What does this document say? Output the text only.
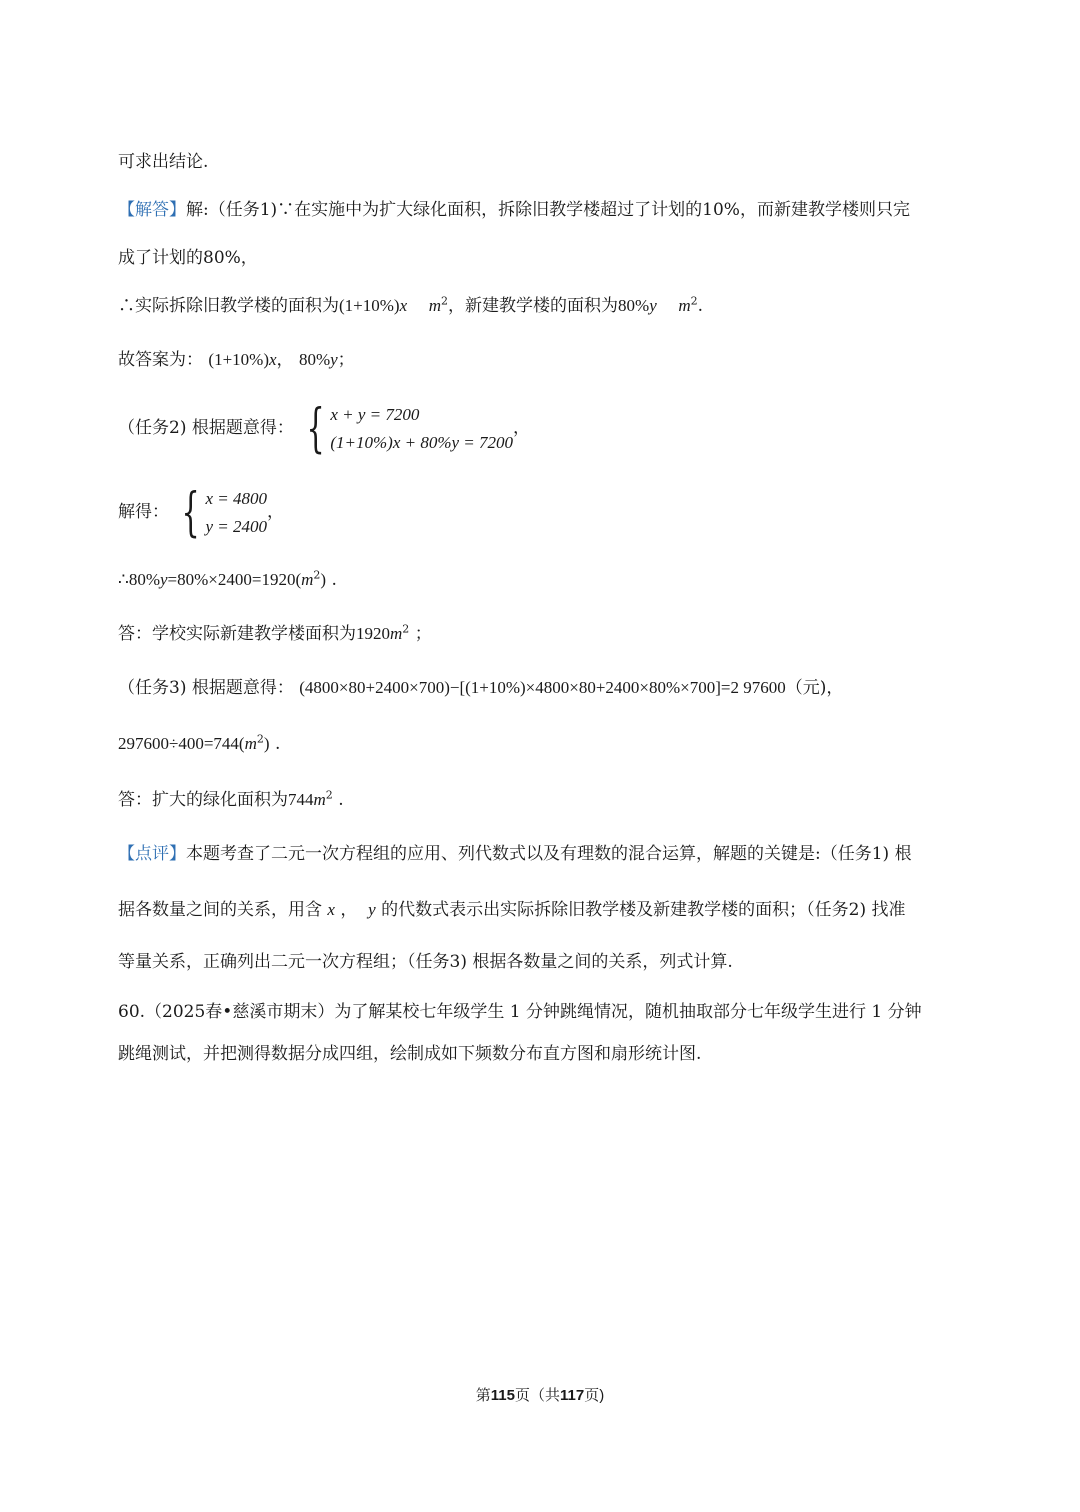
可求出结论.
【解答】解:（任务1)∵在实施中为扩大绿化面积，拆除旧教学楼超过了计划的10%，而新建教学楼则只完
成了计划的80%，
∴实际拆除旧教学楼的面积为(1+10%)x $m^2$，新建教学楼的面积为80%y $m^2$.
故答案为： (1+10%)x， 80%y；
（任务2) 根据题意得： { x + y = 7200
(1+10%)x + 80%y = 7200
，
解得： { x = 4800
y = 2400
，
$\therefore 80\%y=80\%\times 2400=1920(m^2)$ .
答：学校实际新建教学楼面积为$1920m^2$ ；
（任务3) 根据题意得： (4800×80+2400×700)−[(1+10%)×4800×80+2400×80%×700]=2 97600（元)，
$297600\div 400=744(m^2)$ .
答：扩大的绿化面积为$744m^2$ .
【点评】本题考查了二元一次方程组的应用、列代数式以及有理数的混合运算，解题的关键是:（任务1) 根
据各数量之间的关系，用含 x ， y 的代数式表示出实际拆除旧教学楼及新建教学楼的面积；（任务2) 找准
等量关系，正确列出二元一次方程组；（任务3) 根据各数量之间的关系，列式计算.
60.（2025春•慈溪市期末）为了解某校七年级学生 1 分钟跳绳情况，随机抽取部分七年级学生进行 1 分钟
跳绳测试，并把测得数据分成四组，绘制成如下频数分布直方图和扇形统计图.
第115页（共117页)
